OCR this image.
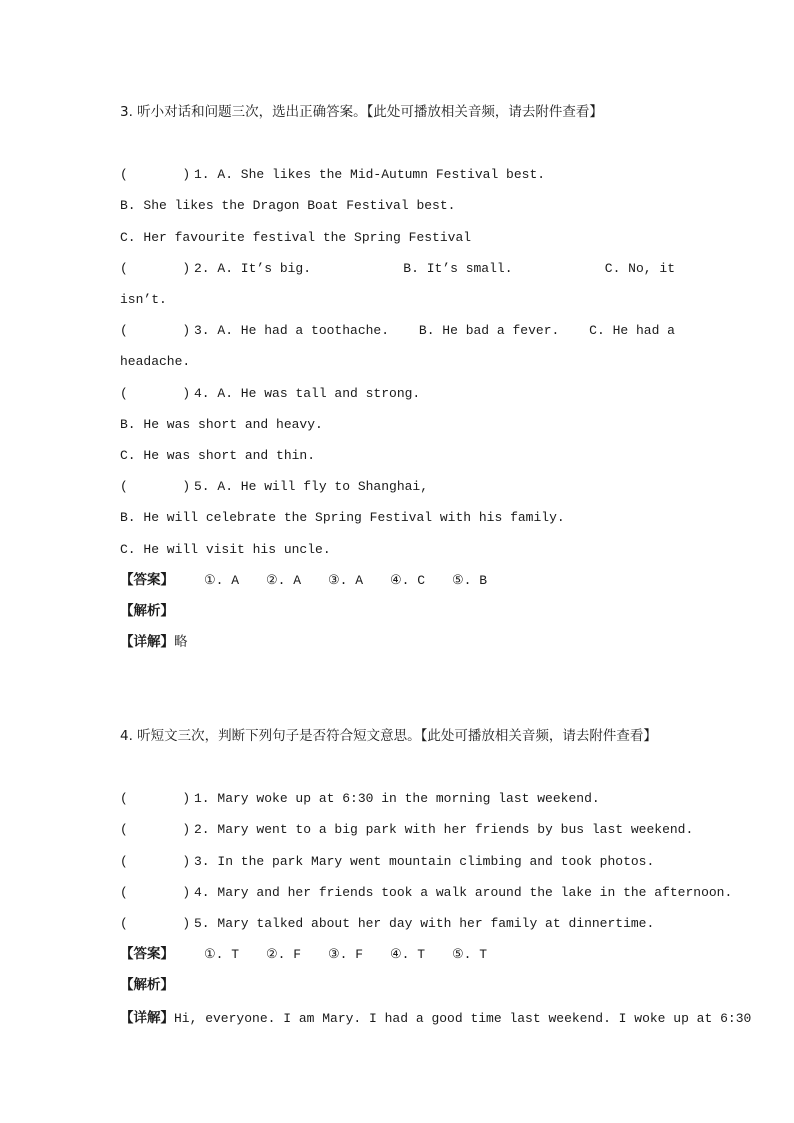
3. 听小对话和问题三次，选出正确答案。【此处可播放相关音频，请去附件查看】
(       ) 1. A. She likes the Mid-Autumn Festival best.
B. She likes the Dragon Boat Festival best.
C. Her favourite festival the Spring Festival
(       ) 2. A. It’s big.	B. It’s small.	C. No, it
isn’t.
(       ) 3. A. He had a toothache. B. He bad a fever. C. He had a
headache.
(       ) 4. A. He was tall and strong.
B. He was short and heavy.
C. He was short and thin.
(       ) 5. A. He will fly to Shanghai,
B. He will celebrate the Spring Festival with his family.
C. He will visit his uncle.
【答案】 ①. A ②. A ③. A ④. C ⑤. B
【解析】
【详解】略
4. 听短文三次，判断下列句子是否符合短文意思。【此处可播放相关音频，请去附件查看】
(       ) 1. Mary woke up at 6:30 in the morning last weekend.
(       ) 2. Mary went to a big park with her friends by bus last weekend.
(       ) 3. In the park Mary went mountain climbing and took photos.
(       ) 4. Mary and her friends took a walk around the lake in the afternoon.
(       ) 5. Mary talked about her day with her family at dinnertime.
【答案】 ①. T ②. F ③. F ④. T ⑤. T
【解析】
【详解】Hi, everyone. I am Mary. I had a good time last weekend. I woke up at 6:30
